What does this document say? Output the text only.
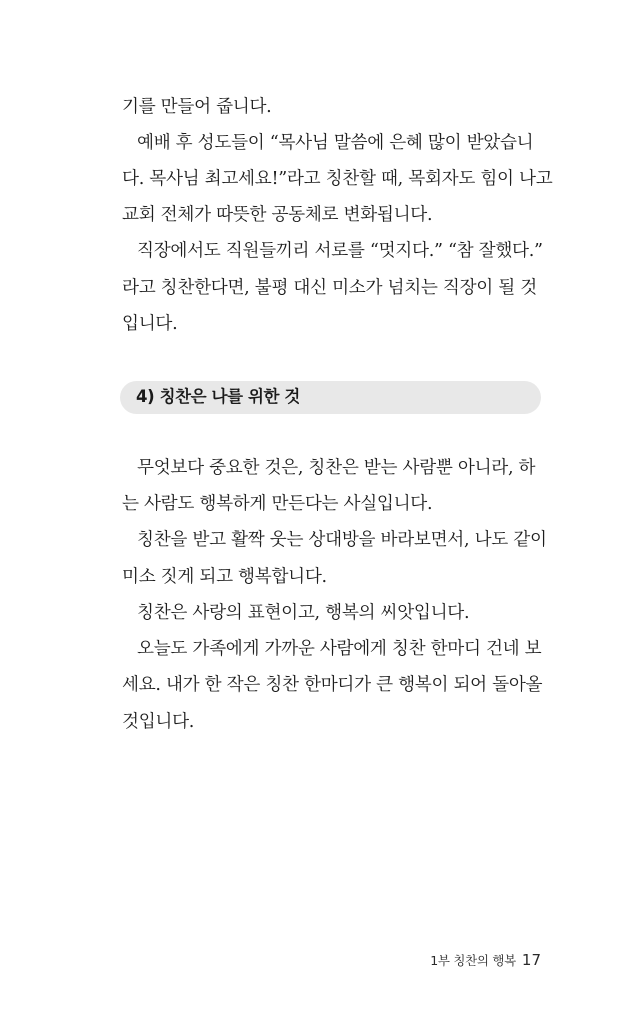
기를 만들어 줍니다.
예배 후 성도들이 “목사님 말씀에 은혜 많이 받았습니
다. 목사님 최고세요!”라고 칭찬할 때, 목회자도 힘이 나고
교회 전체가 따뜻한 공동체로 변화됩니다.
직장에서도 직원들끼리 서로를 “멋지다.” “참 잘했다.”
라고 칭찬한다면, 불평 대신 미소가 넘치는 직장이 될 것
입니다.
4) 칭찬은 나를 위한 것
무엇보다 중요한 것은, 칭찬은 받는 사람뿐 아니라, 하
는 사람도 행복하게 만든다는 사실입니다.
칭찬을 받고 활짝 웃는 상대방을 바라보면서, 나도 같이
미소 짓게 되고 행복합니다.
칭찬은 사랑의 표현이고, 행복의 씨앗입니다.
오늘도 가족에게 가까운 사람에게 칭찬 한마디 건네 보
세요. 내가 한 작은 칭찬 한마디가 큰 행복이 되어 돌아올
것입니다.
1부 칭찬의 행복 17
